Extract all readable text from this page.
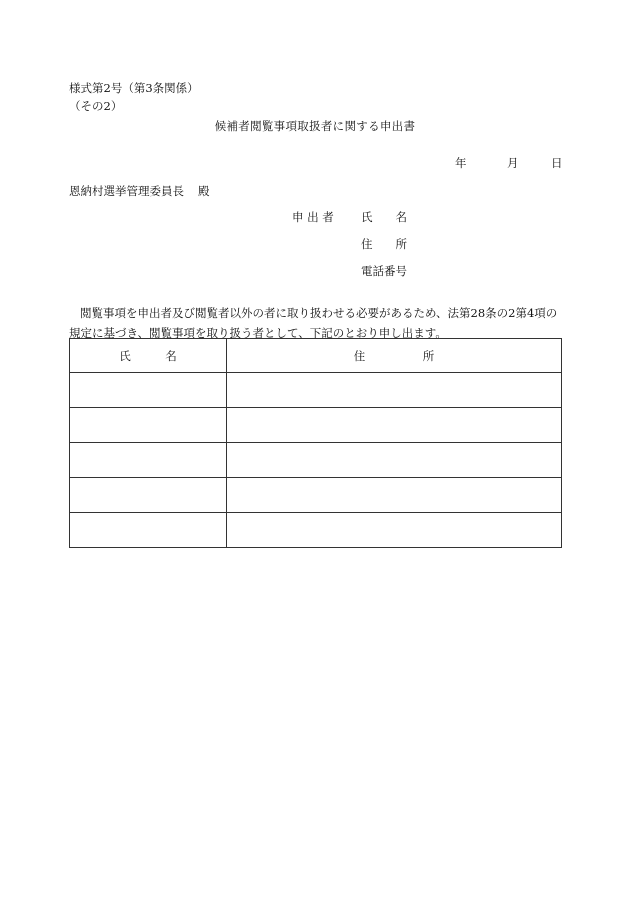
様式第2号（第3条関係）
（その2）
候補者閲覧事項取扱者に関する申出書
年	月	日
恩納村選挙管理委員長 殿
申 出 者 氏　　名
住　　所
電話番号
閲覧事項を申出者及び閲覧者以外の者に取り扱わせる必要があるため、法第28条の2第4項の規定に基づき、閲覧事項を取り扱う者として、下記のとおり申し出ます。
氏　　　名	住　　　　　所
